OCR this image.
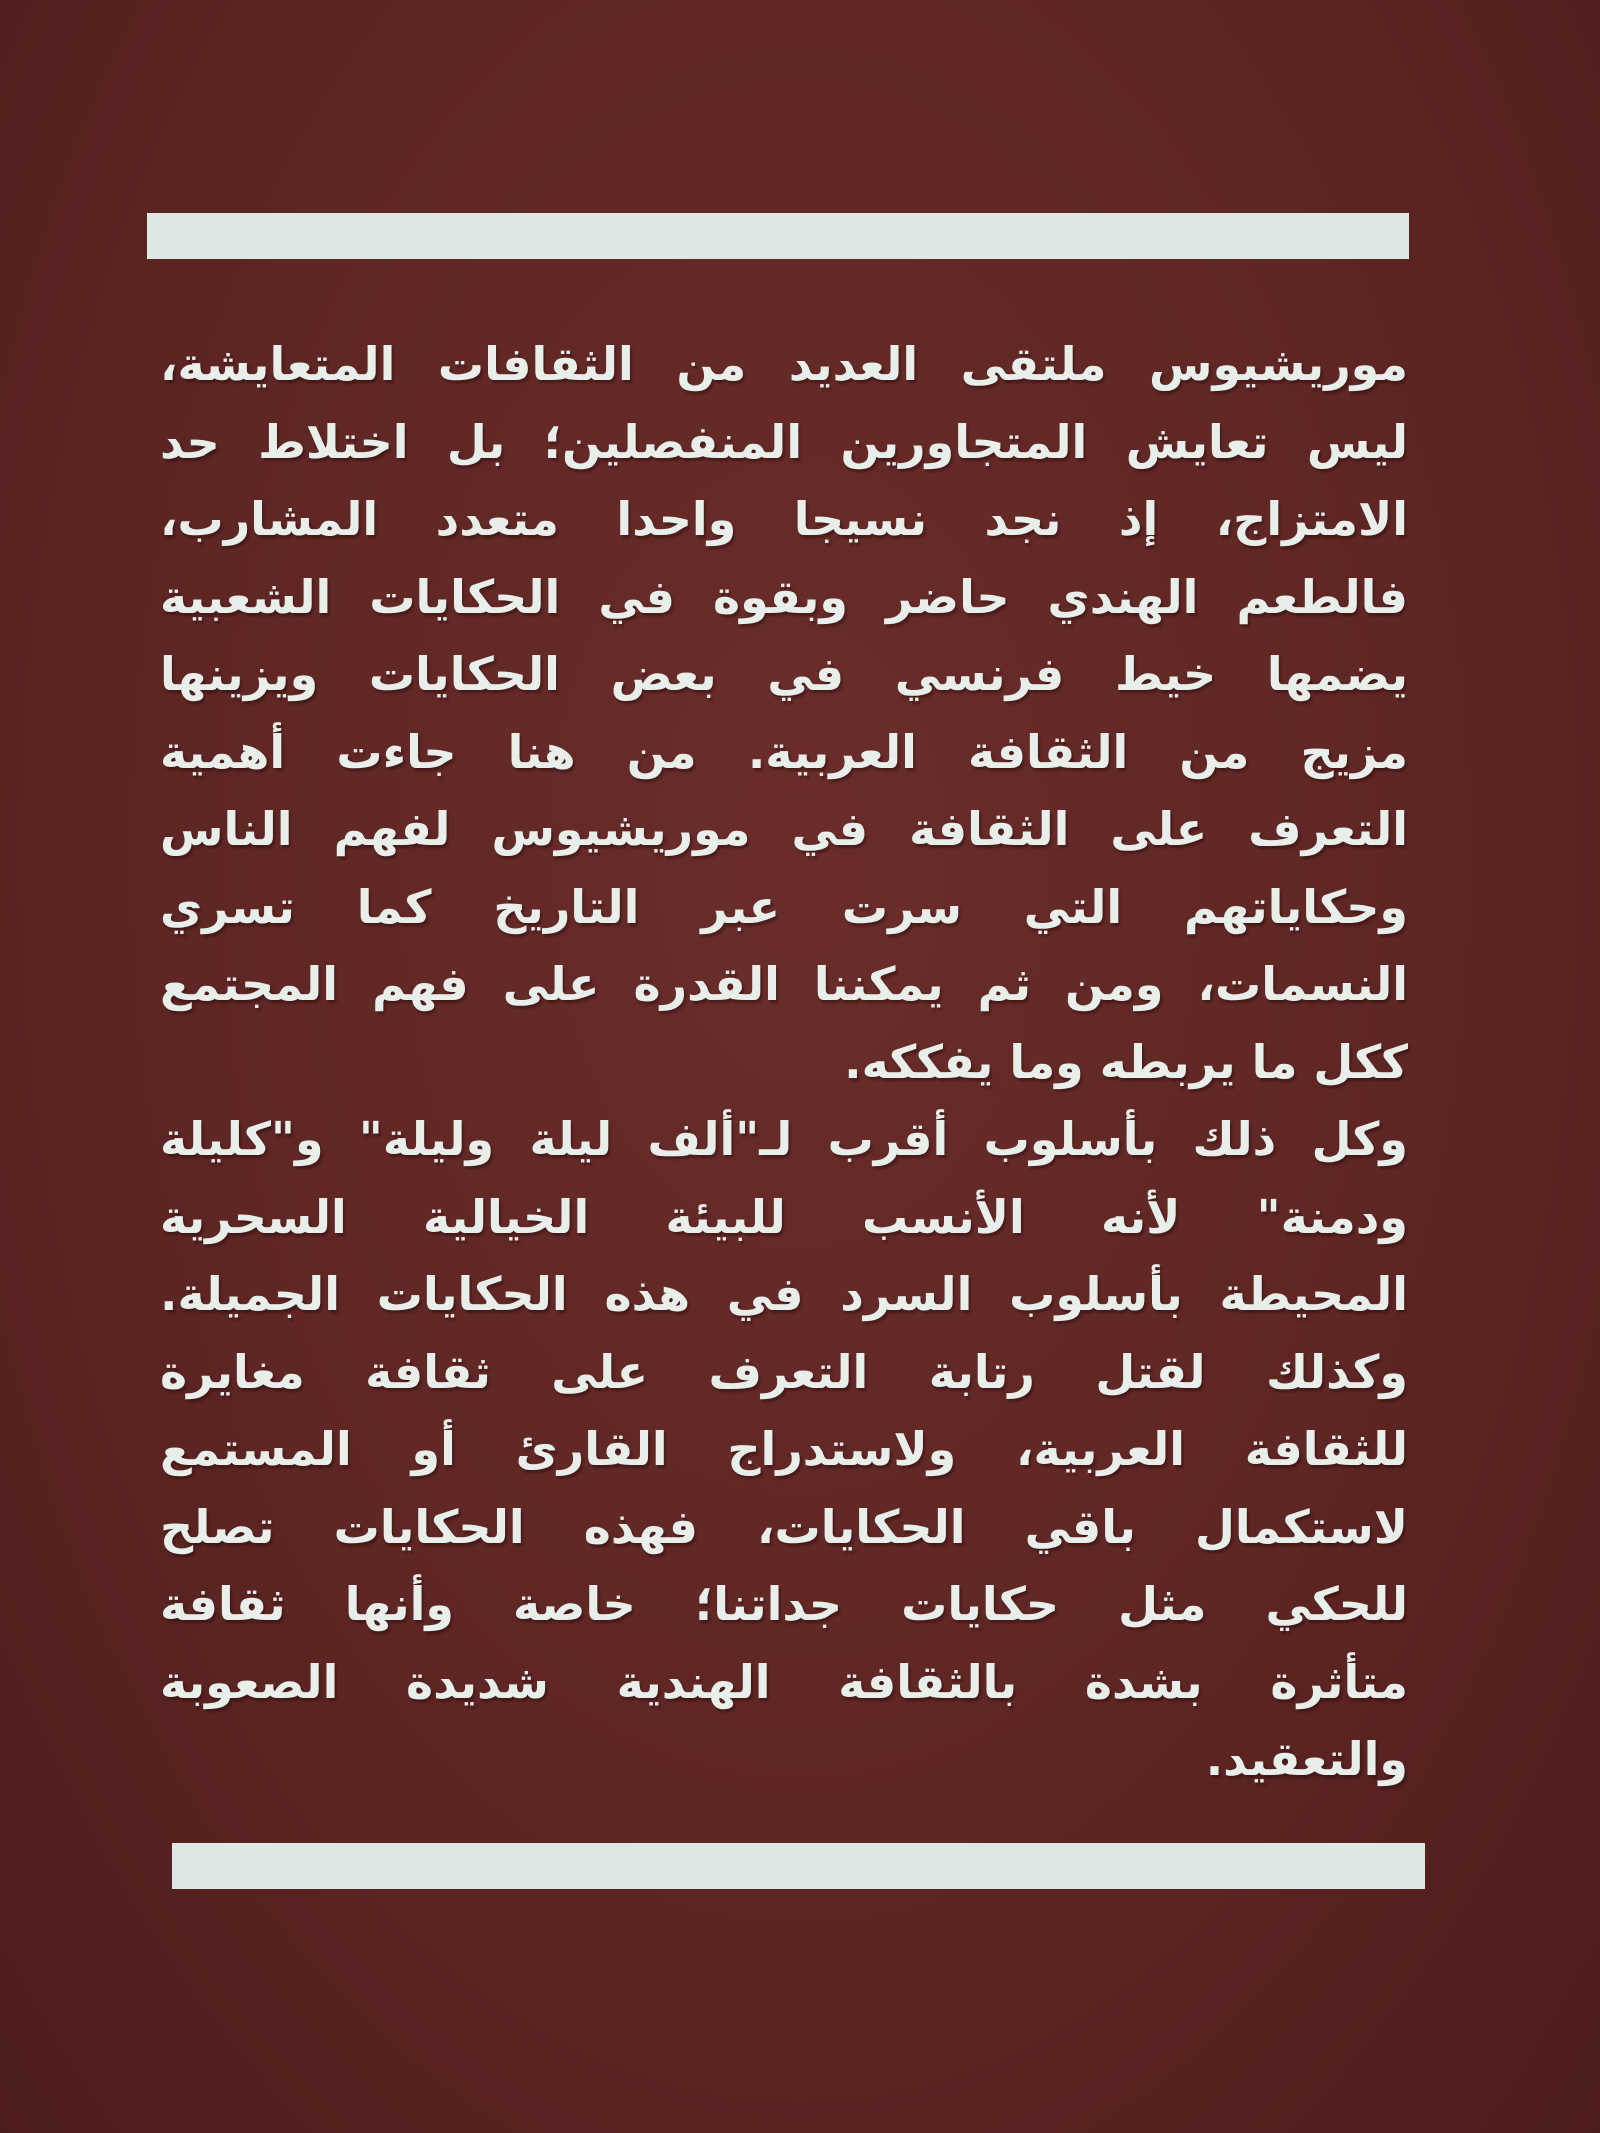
موريشيوس ملتقى العديد من الثقافات المتعايشة،
ليس تعايش المتجاورين المنفصلين؛ بل اختلاط حد
الامتزاج، إذ نجد نسيجا واحدا متعدد المشارب،
فالطعم الهندي حاضر وبقوة في الحكايات الشعبية
يضمها خيط فرنسي في بعض الحكايات ويزينها
مزيج من الثقافة العربية. من هنا جاءت أهمية
التعرف على الثقافة في موريشيوس لفهم الناس
وحكاياتهم التي سرت عبر التاريخ كما تسري
النسمات، ومن ثم يمكننا القدرة على فهم المجتمع
ككل ما يربطه وما يفككه.
وكل ذلك بأسلوب أقرب لـ"ألف ليلة وليلة" و"كليلة
ودمنة" لأنه الأنسب للبيئة الخيالية السحرية
المحيطة بأسلوب السرد في هذه الحكايات الجميلة.
وكذلك لقتل رتابة التعرف على ثقافة مغايرة
للثقافة العربية، ولاستدراج القارئ أو المستمع
لاستكمال باقي الحكايات، فهذه الحكايات تصلح
للحكي مثل حكايات جداتنا؛ خاصة وأنها ثقافة
متأثرة بشدة بالثقافة الهندية شديدة الصعوبة
والتعقيد.
